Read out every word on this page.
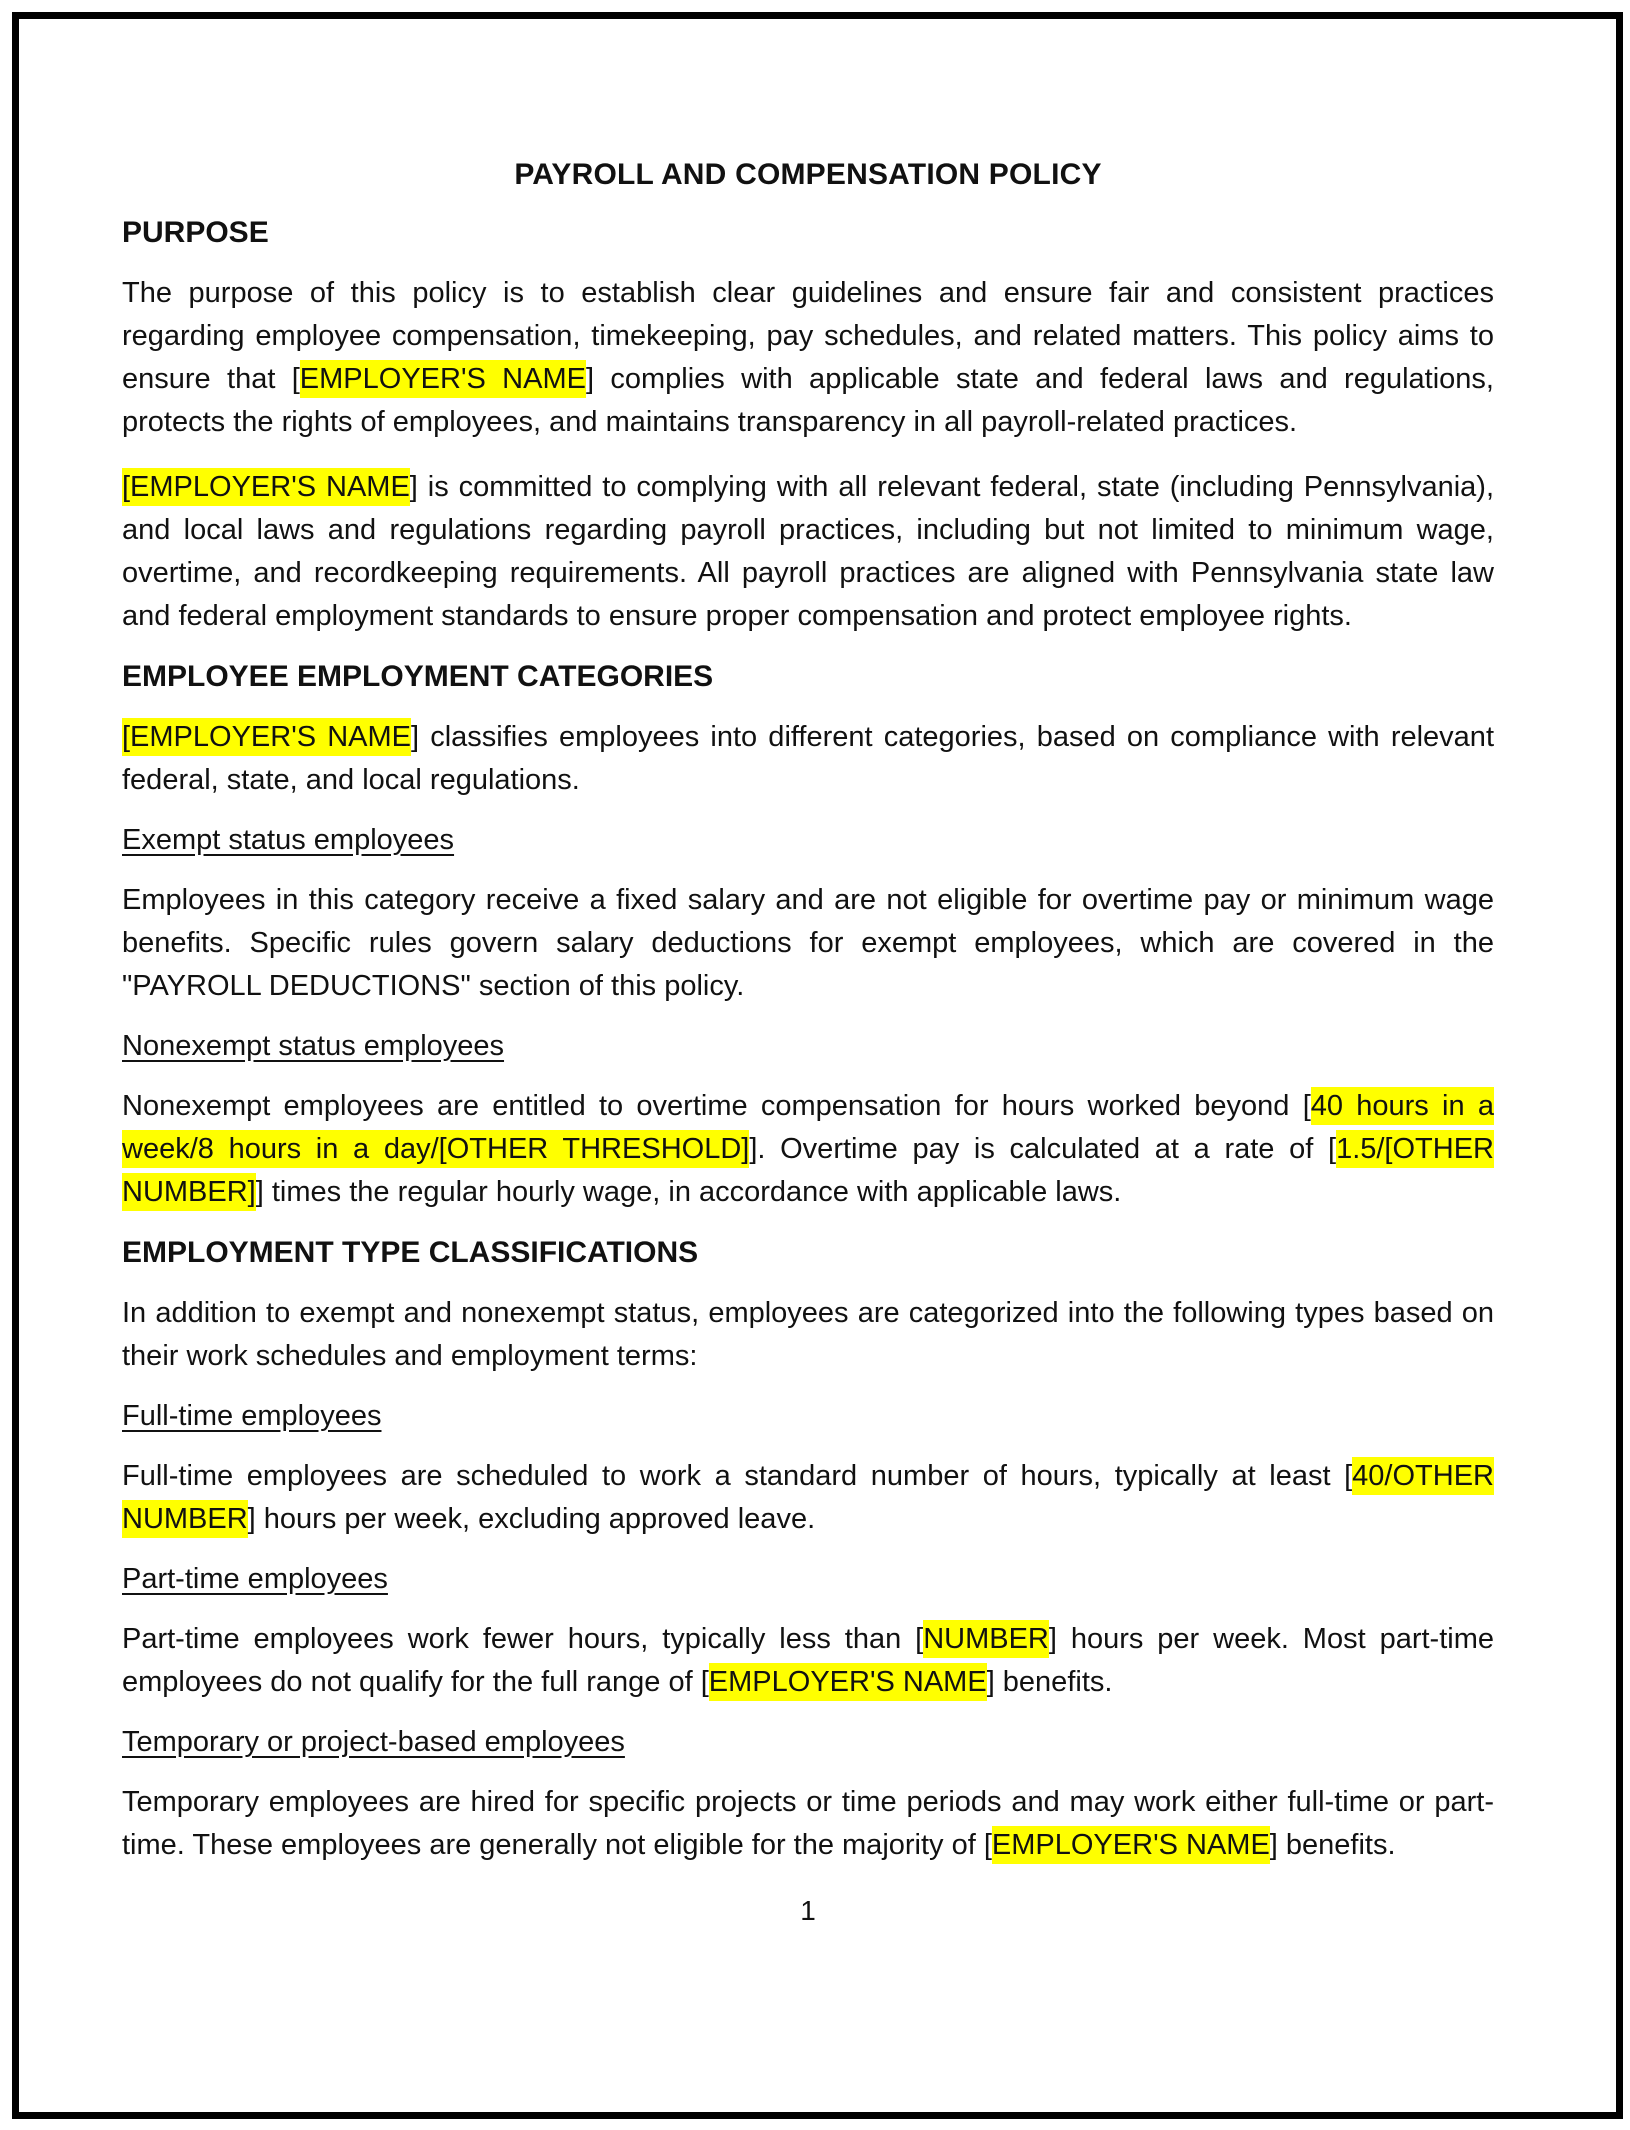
PAYROLL AND COMPENSATION POLICY
PURPOSE

The purpose of this policy is to establish clear guidelines and ensure fair and consistent practices regarding employee compensation, timekeeping, pay schedules, and related matters. This policy aims to ensure that [EMPLOYER'S NAME] complies with applicable state and federal laws and regulations, protects the rights of employees, and maintains transparency in all payroll-related practices.

[EMPLOYER'S NAME] is committed to complying with all relevant federal, state (including Pennsylvania), and local laws and regulations regarding payroll practices, including but not limited to minimum wage, overtime, and recordkeeping requirements. All payroll practices are aligned with Pennsylvania state law and federal employment standards to ensure proper compensation and protect employee rights.

EMPLOYEE EMPLOYMENT CATEGORIES

[EMPLOYER'S NAME] classifies employees into different categories, based on compliance with relevant federal, state, and local regulations.

Exempt status employees

Employees in this category receive a fixed salary and are not eligible for overtime pay or minimum wage benefits. Specific rules govern salary deductions for exempt employees, which are covered in the "PAYROLL DEDUCTIONS" section of this policy.

Nonexempt status employees

Nonexempt employees are entitled to overtime compensation for hours worked beyond [40 hours in a week/8 hours in a day/[OTHER THRESHOLD]]. Overtime pay is calculated at a rate of [1.5/[OTHER NUMBER]] times the regular hourly wage, in accordance with applicable laws.

EMPLOYMENT TYPE CLASSIFICATIONS

In addition to exempt and nonexempt status, employees are categorized into the following types based on their work schedules and employment terms:

Full-time employees

Full-time employees are scheduled to work a standard number of hours, typically at least [40/OTHER NUMBER] hours per week, excluding approved leave.

Part-time employees

Part-time employees work fewer hours, typically less than [NUMBER] hours per week. Most part-time employees do not qualify for the full range of [EMPLOYER'S NAME] benefits.

Temporary or project-based employees

Temporary employees are hired for specific projects or time periods and may work either full-time or part-time. These employees are generally not eligible for the majority of [EMPLOYER'S NAME] benefits.

1
